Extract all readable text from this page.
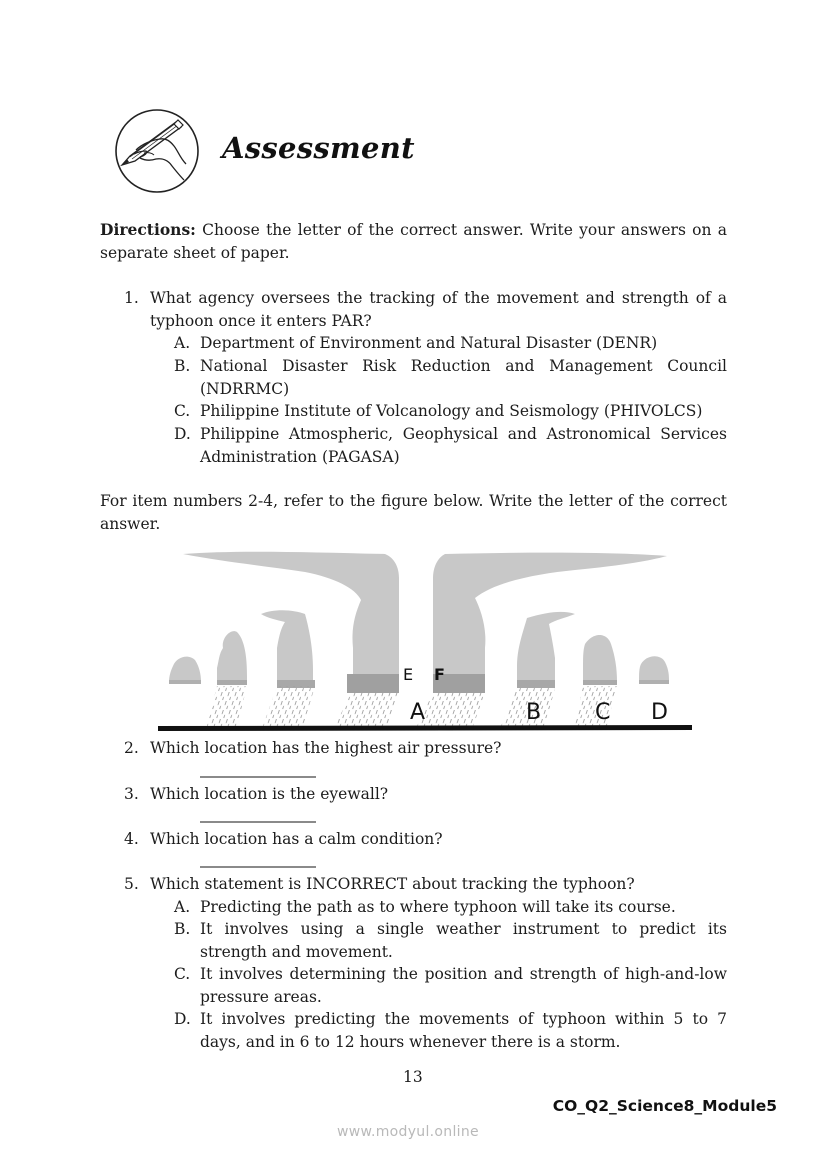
Assessment
Directions: Choose the letter of the correct answer. Write your answers on a separate sheet of paper.
1. What agency oversees the tracking of the movement and strength of a typhoon once it enters PAR?
A. Department of Environment and Natural Disaster (DENR)
B. National Disaster Risk Reduction and Management Council (NDRRMC)
C. Philippine Institute of Volcanology and Seismology (PHIVOLCS)
D. Philippine Atmospheric, Geophysical and Astronomical Services Administration (PAGASA)
For item numbers 2-4, refer to the figure below. Write the letter of the correct answer.
A	B C D
E F
2. Which location has the highest air pressure?
3. Which location is the eyewall?
4. Which location has a calm condition?
5. Which statement is INCORRECT about tracking the typhoon?
A. Predicting the path as to where typhoon will take its course.
B. It involves using a single weather instrument to predict its strength and movement.
C. It involves determining the position and strength of high-and-low pressure areas.
D. It involves predicting the movements of typhoon within 5 to 7 days, and in 6 to 12 hours whenever there is a storm.
13
CO_Q2_Science8_Module5
www.modyul.online
